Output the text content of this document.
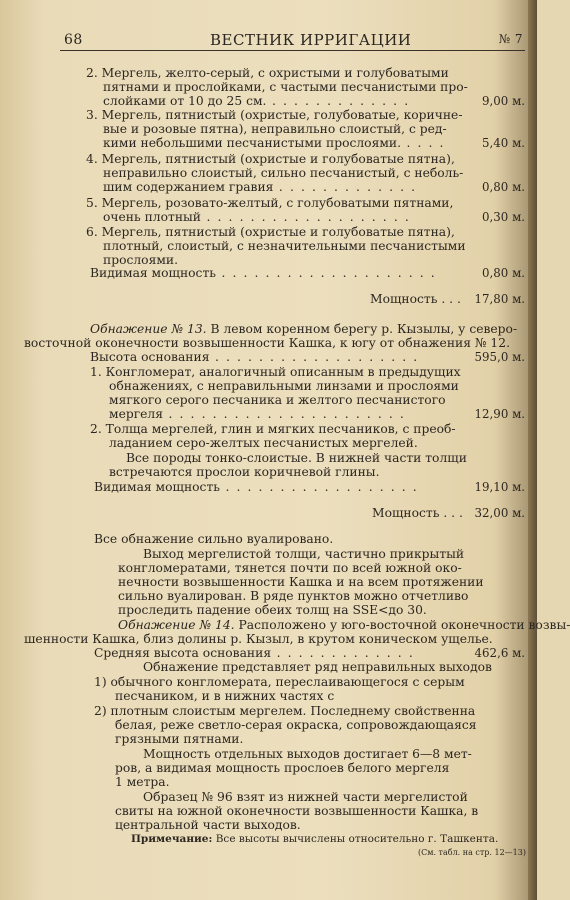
68	ВЕСТНИК ИРРИГАЦИИ	№ 7
2. Мергель, желто-серый, с охристыми и голубоватыми
пятнами и прослойками, с частыми песчанистыми про-
слойками от 10 до 25 см. . . . . . . . . . . . . .	9,00 м.
3. Мергель, пятнистый (охристые, голубоватые, коричне-
вые и розовые пятна), неправильно слоистый, с ред-
кими небольшими песчанистыми прослоями. . . . .	5,40 м.
4. Мергель, пятнистый (охристые и голубоватые пятна),
неправильно слоистый, сильно песчанистый, с неболь-
шим содержанием гравия . . . . . . . . . . . . .	0,80 м.
5. Мергель, розовато-желтый, с голубоватыми пятнами,
очень плотный . . . . . . . . . . . . . . . . . . .	0,30 м.
6. Мергель, пятнистый (охристые и голубоватые пятна),
плотный, слоистый, с незначительными песчанистыми
прослоями.
Видимая мощность . . . . . . . . . . . . . . . . . . . .	0,80 м.
Мощность . . . 17,80 м.
Обнажение № 13. В левом коренном берегу р. Кызылы, у северо-
восточной оконечности возвышенности Кашка, к югу от обнажения № 12.
Высота основания . . . . . . . . . . . . . . . . . . .	595,0 м.
1. Конгломерат, аналогичный описанным в предыдущих
обнажениях, с неправильными линзами и прослоями
мягкого серого песчаника и желтого песчанистого
мергеля . . . . . . . . . . . . . . . . . . . . . .	12,90 м.
2. Толща мергелей, глин и мягких песчаников, с преоб-
ладанием серо-желтых песчанистых мергелей.
Все породы тонко-слоистые. В нижней части толщи
встречаются прослои коричневой глины.
Видимая мощность . . . . . . . . . . . . . . . . . .	19,10 м.
Мощность . . . 32,00 м.
Все обнажение сильно вуалировано.
Выход мергелистой толщи, частично прикрытый
конгломератами, тянется почти по всей южной око-
нечности возвышенности Кашка и на всем протяжении
сильно вуалирован. В ряде пунктов можно отчетливо
проследить падение обеих толщ на SSE<до 30.
Обнажение № 14. Расположено у юго-восточной оконечности возвы-
шенности Кашка, близ долины р. Кызыл, в крутом коническом ущелье.
Средняя высота основания . . . . . . . . . . . . .	462,6 м.
Обнажение представляет ряд неправильных выходов
1) обычного конгломерата, переслаивающегося с серым
песчаником, и в нижних частях с
2) плотным слоистым мергелем. Последнему свойственна
белая, реже светло-серая окраска, сопровождающаяся
грязными пятнами.
Мощность отдельных выходов достигает 6—8 мет-
ров, а видимая мощность прослоев белого мергеля
1 метра.
Образец № 96 взят из нижней части мергелистой
свиты на южной оконечности возвышенности Кашка, в
центральной части выходов.
Примечание: Все высоты вычислены относительно г. Ташкента.
(См. табл. на стр. 12—13)
